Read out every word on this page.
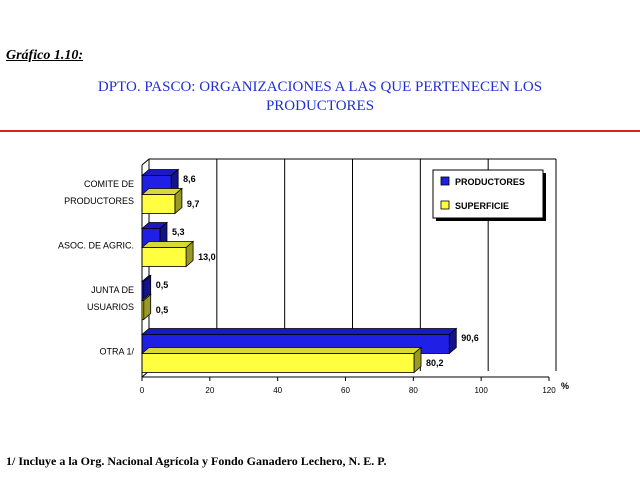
Gráfico 1.10:
DPTO. PASCO: ORGANIZACIONES A LAS QUE PERTENECEN LOS
PRODUCTORES
8,6
9,7
COMITE DE
PRODUCTORES
5,3
13,0
ASOC. DE AGRIC.
0,5
0,5
JUNTA DE
USUARIOS
90,6
80,2
OTRA 1/
0	20	40	60	80	100	120 %
PRODUCTORES
SUPERFICIE
1/ Incluye a la Org. Nacional Agrícola y Fondo Ganadero Lechero, N. E. P.
